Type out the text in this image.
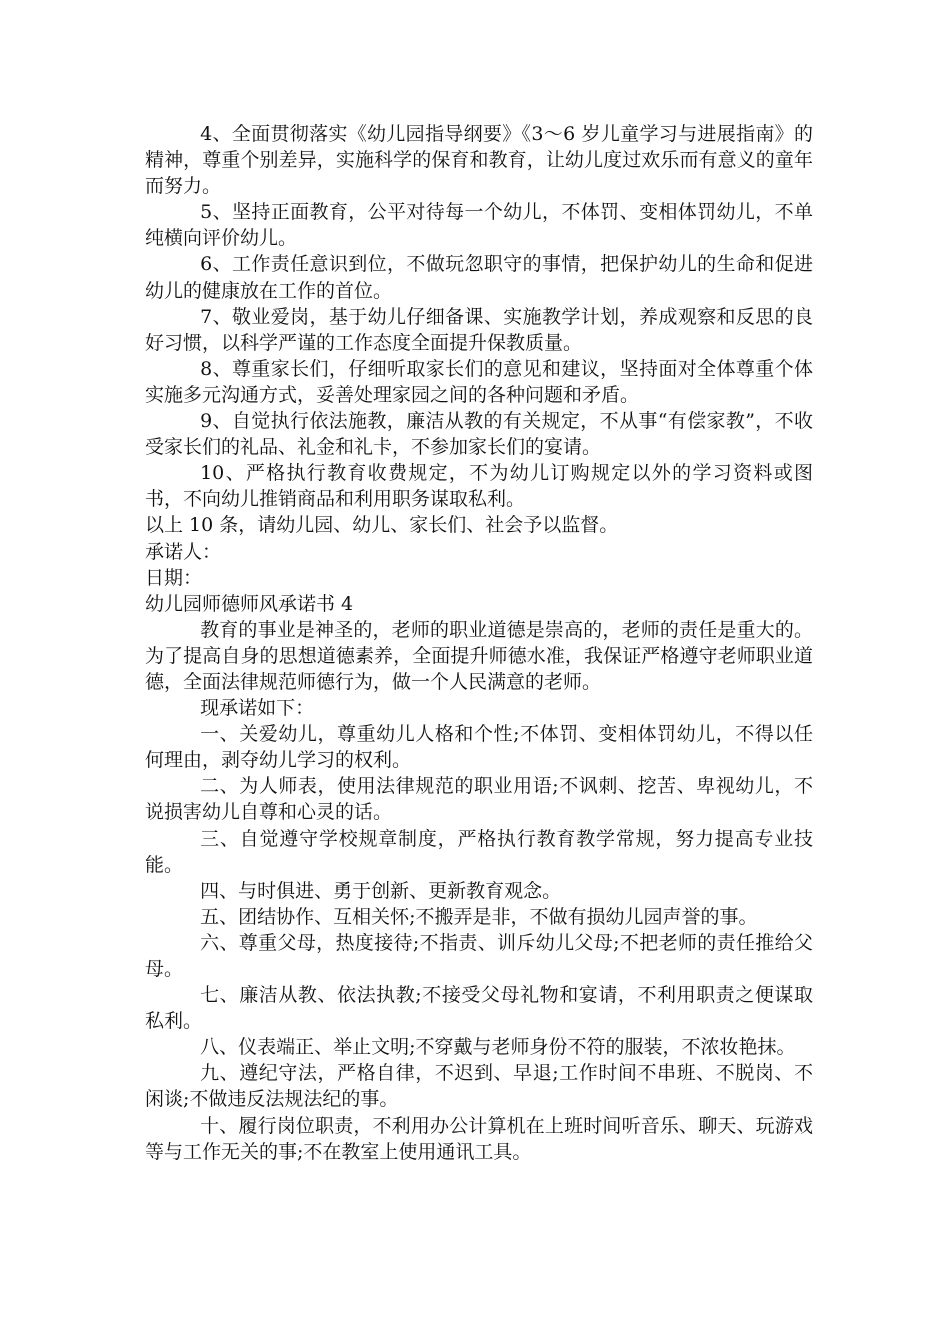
4、全面贯彻落实《幼儿园指导纲要》《3～6 岁儿童学习与进展指南》的精神，尊重个别差异，实施科学的保育和教育，让幼儿度过欢乐而有意义的童年而努力。

5、坚持正面教育，公平对待每一个幼儿，不体罚、变相体罚幼儿，不单纯横向评价幼儿。

6、工作责任意识到位，不做玩忽职守的事情，把保护幼儿的生命和促进幼儿的健康放在工作的首位。

7、敬业爱岗，基于幼儿仔细备课、实施教学计划，养成观察和反思的良好习惯，以科学严谨的工作态度全面提升保教质量。

8、尊重家长们，仔细听取家长们的意见和建议，坚持面对全体尊重个体实施多元沟通方式，妥善处理家园之间的各种问题和矛盾。

9、自觉执行依法施教，廉洁从教的有关规定，不从事“有偿家教”，不收受家长们的礼品、礼金和礼卡，不参加家长们的宴请。

10、严格执行教育收费规定，不为幼儿订购规定以外的学习资料或图书，不向幼儿推销商品和利用职务谋取私利。

以上 10 条，请幼儿园、幼儿、家长们、社会予以监督。

承诺人：

日期：

幼儿园师德师风承诺书 4

教育的事业是神圣的，老师的职业道德是崇高的，老师的责任是重大的。为了提高自身的思想道德素养，全面提升师德水准，我保证严格遵守老师职业道德，全面法律规范师德行为，做一个人民满意的老师。

现承诺如下：

一、关爱幼儿，尊重幼儿人格和个性;不体罚、变相体罚幼儿，不得以任何理由，剥夺幼儿学习的权利。

二、为人师表，使用法律规范的职业用语;不讽刺、挖苦、卑视幼儿，不说损害幼儿自尊和心灵的话。

三、自觉遵守学校规章制度，严格执行教育教学常规，努力提高专业技能。

四、与时俱进、勇于创新、更新教育观念。

五、团结协作、互相关怀;不搬弄是非，不做有损幼儿园声誉的事。

六、尊重父母，热度接待;不指责、训斥幼儿父母;不把老师的责任推给父母。

七、廉洁从教、依法执教;不接受父母礼物和宴请，不利用职责之便谋取私利。

八、仪表端正、举止文明;不穿戴与老师身份不符的服装，不浓妆艳抹。

九、遵纪守法，严格自律，不迟到、早退;工作时间不串班、不脱岗、不闲谈;不做违反法规法纪的事。

十、履行岗位职责，不利用办公计算机在上班时间听音乐、聊天、玩游戏等与工作无关的事;不在教室上使用通讯工具。
